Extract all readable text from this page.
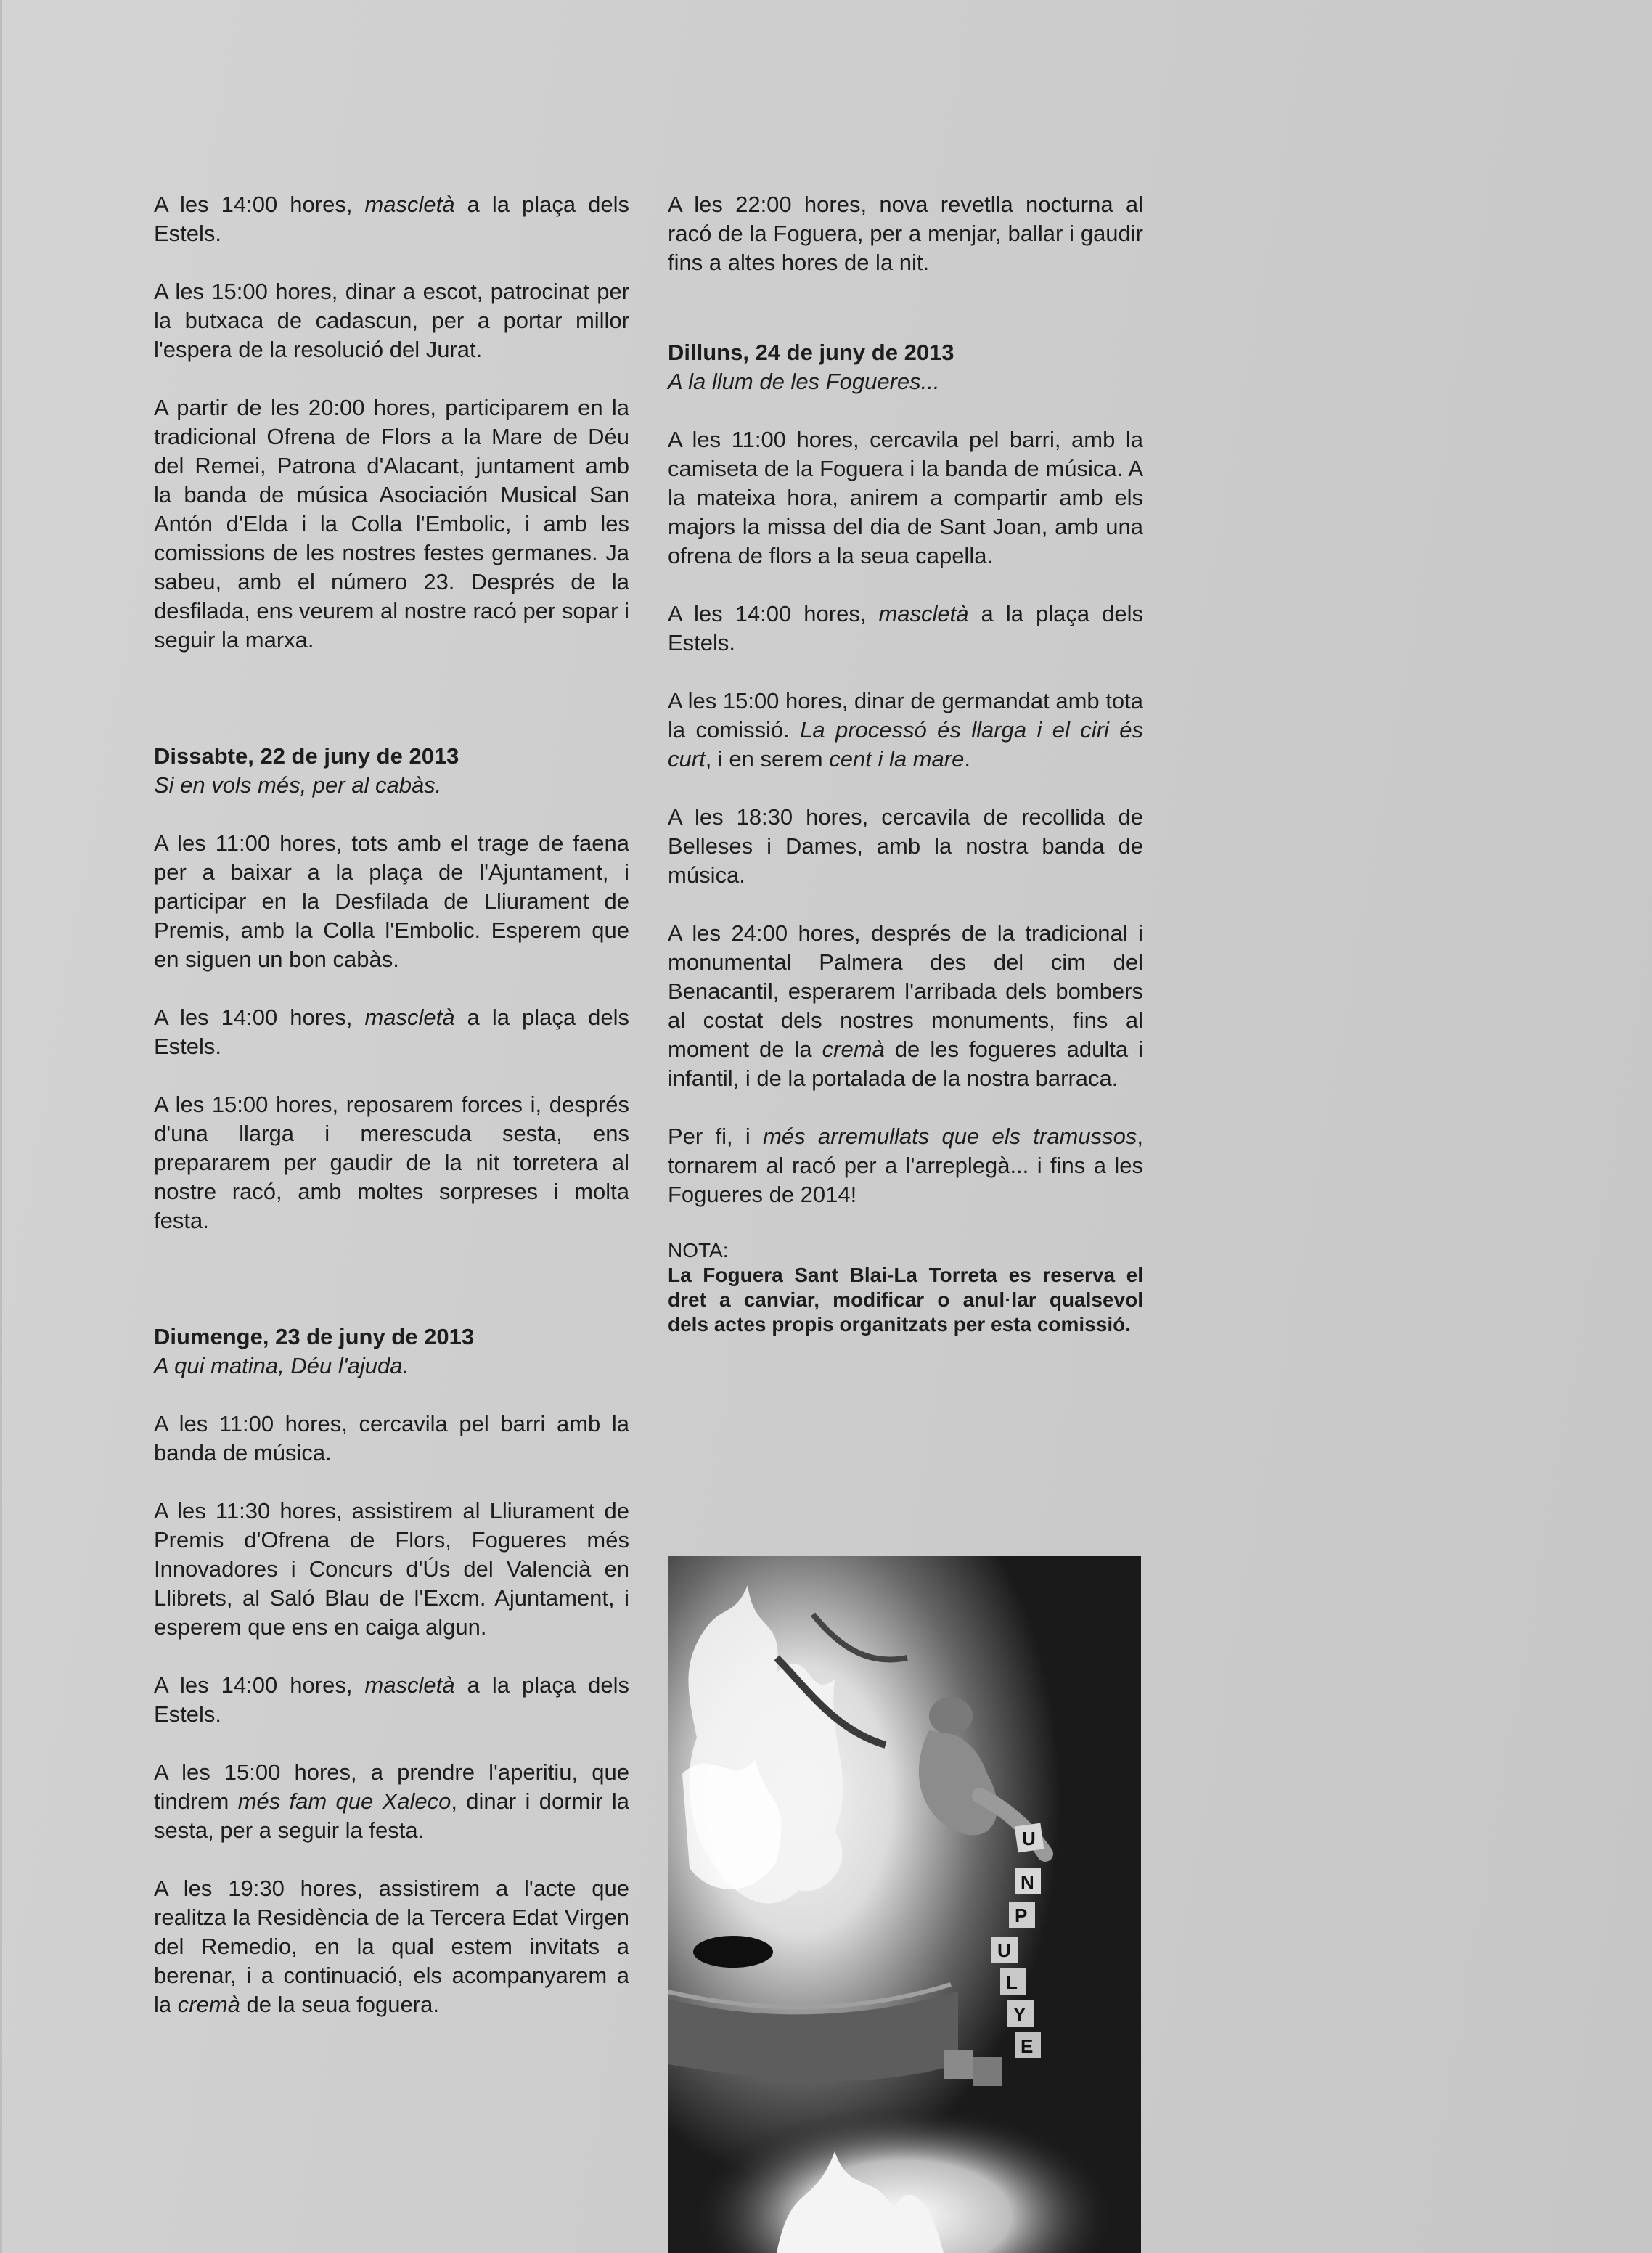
A les 14:00 hores, mascletà a la plaça dels Estels.

A les 15:00 hores, dinar a escot, patrocinat per la butxaca de cadascun, per a portar millor l'espera de la resolució del Jurat.

A partir de les 20:00 hores, participarem en la tradicional Ofrena de Flors a la Mare de Déu del Remei, Patrona d'Alacant, juntament amb la banda de música Asociación Musical San Antón d'Elda i la Colla l'Embolic, i amb les comissions de les nostres festes germanes. Ja sabeu, amb el número 23. Després de la desfilada, ens veurem al nostre racó per sopar i seguir la marxa.

Dissabte, 22 de juny de 2013
Si en vols més, per al cabàs.

A les 11:00 hores, tots amb el trage de faena per a baixar a la plaça de l'Ajuntament, i participar en la Desfilada de Lliurament de Premis, amb la Colla l'Embolic. Esperem que en siguen un bon cabàs.

A les 14:00 hores, mascletà a la plaça dels Estels.

A les 15:00 hores, reposarem forces i, després d'una llarga i merescuda sesta, ens prepararem per gaudir de la nit torretera al nostre racó, amb moltes sorpreses i molta festa.

Diumenge, 23 de juny de 2013
A qui matina, Déu l'ajuda.

A les 11:00 hores, cercavila pel barri amb la banda de música.

A les 11:30 hores, assistirem al Lliurament de Premis d'Ofrena de Flors, Fogueres més Innovadores i Concurs d'Ús del Valencià en Llibrets, al Saló Blau de l'Excm. Ajuntament, i esperem que ens en caiga algun.

A les 14:00 hores, mascletà a la plaça dels Estels.

A les 15:00 hores, a prendre l'aperitiu, que tindrem més fam que Xaleco, dinar i dormir la sesta, per a seguir la festa.

A les 19:30 hores, assistirem a l'acte que realitza la Residència de la Tercera Edat Virgen del Remedio, en la qual estem invitats a berenar, i a continuació, els acompanyarem a la cremà de la seua foguera.

A les 22:00 hores, nova revetlla nocturna al racó de la Foguera, per a menjar, ballar i gaudir fins a altes hores de la nit.

Dilluns, 24 de juny de 2013
A la llum de les Fogueres...

A les 11:00 hores, cercavila pel barri, amb la camiseta de la Foguera i la banda de música. A la mateixa hora, anirem a compartir amb els majors la missa del dia de Sant Joan, amb una ofrena de flors a la seua capella.

A les 14:00 hores, mascletà a la plaça dels Estels.

A les 15:00 hores, dinar de germandat amb tota la comissió. La processó és llarga i el ciri és curt, i en serem cent i la mare.

A les 18:30 hores, cercavila de recollida de Belleses i Dames, amb la nostra banda de música.

A les 24:00 hores, després de la tradicional i monumental Palmera des del cim del Benacantil, esperarem l'arribada dels bombers al costat dels nostres monuments, fins al moment de la cremà de les fogueres adulta i infantil, i de la portalada de la nostra barraca.

Per fi, i més arremullats que els tramussos, tornarem al racó per a l'arreplegà... i fins a les Fogueres de 2014!

NOTA:
La Foguera Sant Blai-La Torreta es reserva el dret a canviar, modificar o anul·lar qualsevol dels actes propis organitzats per esta comissió.
U
N
P
U
L
Y
E
